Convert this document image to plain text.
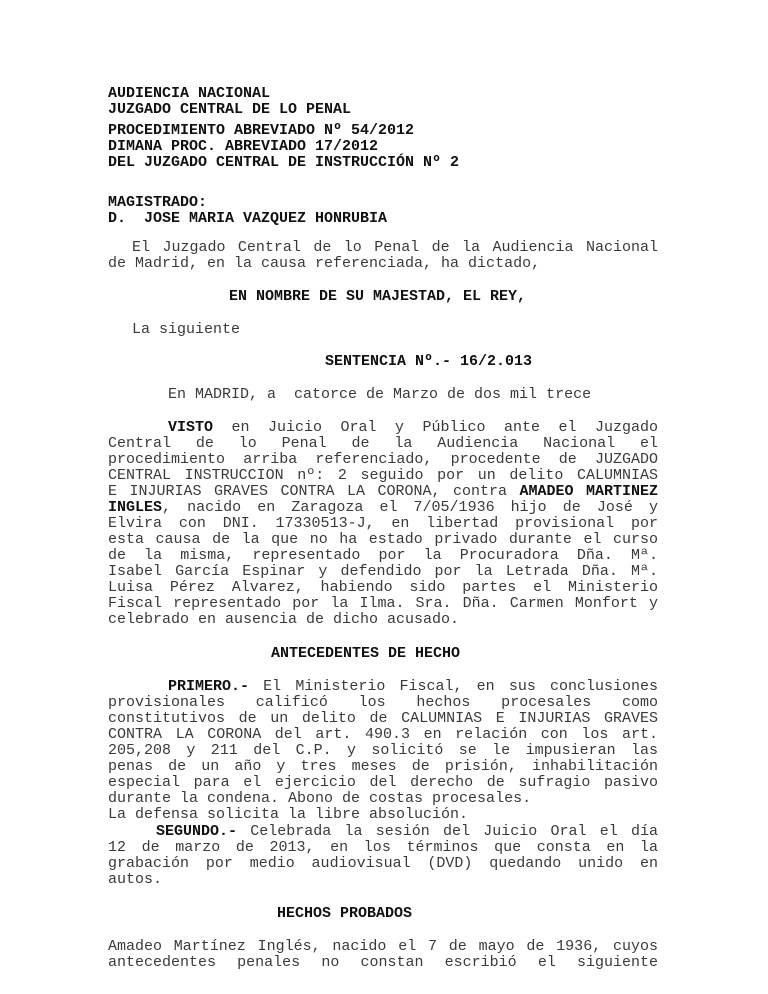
AUDIENCIA NACIONAL
JUZGADO CENTRAL DE LO PENAL
PROCEDIMIENTO ABREVIADO Nº 54/2012
DIMANA PROC. ABREVIADO 17/2012
DEL JUZGADO CENTRAL DE INSTRUCCIÓN Nº 2
MAGISTRADO:
D.  JOSE MARIA VAZQUEZ HONRUBIA
El Juzgado Central de lo Penal de la Audiencia Nacional
de Madrid, en la causa referenciada, ha dictado,
EN NOMBRE DE SU MAJESTAD, EL REY,
La siguiente
SENTENCIA Nº.- 16/2.013
En MADRID, a  catorce de Marzo de dos mil trece
VISTO en Juicio Oral y Público ante el Juzgado
Central de lo Penal de la Audiencia Nacional el
procedimiento arriba referenciado, procedente de JUZGADO
CENTRAL INSTRUCCION nº: 2 seguido por un delito CALUMNIAS
E INJURIAS GRAVES CONTRA LA CORONA, contra AMADEO MARTINEZ
INGLES, nacido en Zaragoza el 7/05/1936 hijo de José y
Elvira con DNI. 17330513-J, en libertad provisional por
esta causa de la que no ha estado privado durante el curso
de la misma, representado por la Procuradora Dña. Mª.
Isabel García Espinar y defendido por la Letrada Dña. Mª.
Luisa Pérez Alvarez, habiendo sido partes el Ministerio
Fiscal representado por la Ilma. Sra. Dña. Carmen Monfort y
celebrado en ausencia de dicho acusado.
ANTECEDENTES DE HECHO
PRIMERO.- El Ministerio Fiscal, en sus conclusiones
provisionales calificó los hechos procesales como
constitutivos de un delito de CALUMNIAS E INJURIAS GRAVES
CONTRA LA CORONA del art. 490.3 en relación con los art.
205,208 y 211 del C.P. y solicitó se le impusieran las
penas de un año y tres meses de prisión, inhabilitación
especial para el ejercicio del derecho de sufragio pasivo
durante la condena. Abono de costas procesales.
La defensa solicita la libre absolución.
SEGUNDO.- Celebrada la sesión del Juicio Oral el día
12 de marzo de 2013, en los términos que consta en la
grabación por medio audiovisual (DVD) quedando unido en
autos.
HECHOS PROBADOS
Amadeo Martínez Inglés, nacido el 7 de mayo de 1936, cuyos
antecedentes penales no constan escribió el siguiente
